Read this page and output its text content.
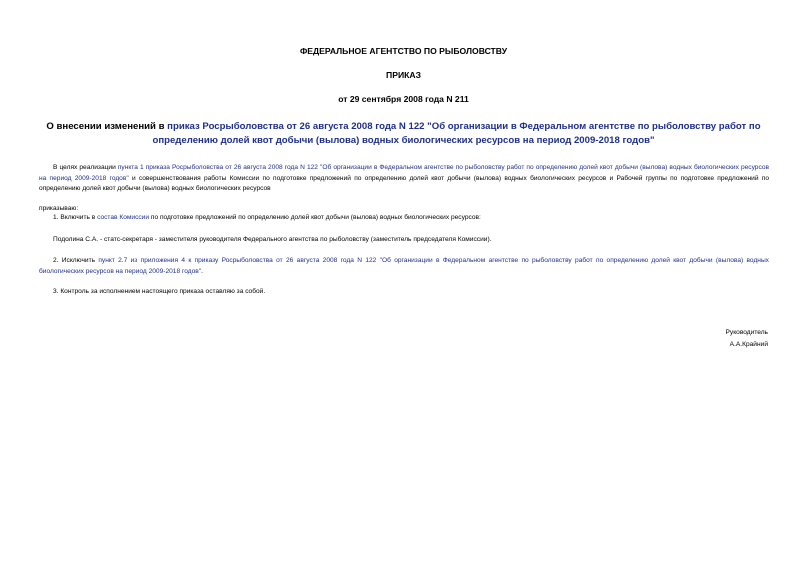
ФЕДЕРАЛЬНОЕ АГЕНТСТВО ПО РЫБОЛОВСТВУ
ПРИКАЗ
от 29 сентября 2008 года N 211
О внесении изменений в приказ Росрыболовства от 26 августа 2008 года N 122 "Об организации в Федеральном агентстве по рыболовству работ по определению долей квот добычи (вылова) водных биологических ресурсов на период 2009-2018 годов"
В целях реализации пункта 1 приказа Росрыболовства от 26 августа 2008 года N 122 "Об организации в Федеральном агентстве по рыболовству работ по определению долей квот добычи (вылова) водных биологических ресурсов на период 2009-2018 годов" и совершенствования работы Комиссии по подготовке предложений по определению долей квот добычи (вылова) водных биологических ресурсов и Рабочей группы по подготовке предложений по определению долей квот добычи (вылова) водных биологических ресурсов
приказываю:
1. Включить в состав Комиссии по подготовке предложений по определению долей квот добычи (вылова) водных биологических ресурсов:
Подолина С.А. - статс-секретаря - заместителя руководителя Федерального агентства по рыболовству (заместитель председателя Комиссии).
2. Исключить пункт 2.7 из приложения 4 к приказу Росрыболовства от 26 августа 2008 года N 122 "Об организации в Федеральном агентстве по рыболовству работ по определению долей квот добычи (вылова) водных биологических ресурсов на период 2009-2018 годов".
3. Контроль за исполнением настоящего приказа оставляю за собой.
Руководитель
А.А.Крайний
